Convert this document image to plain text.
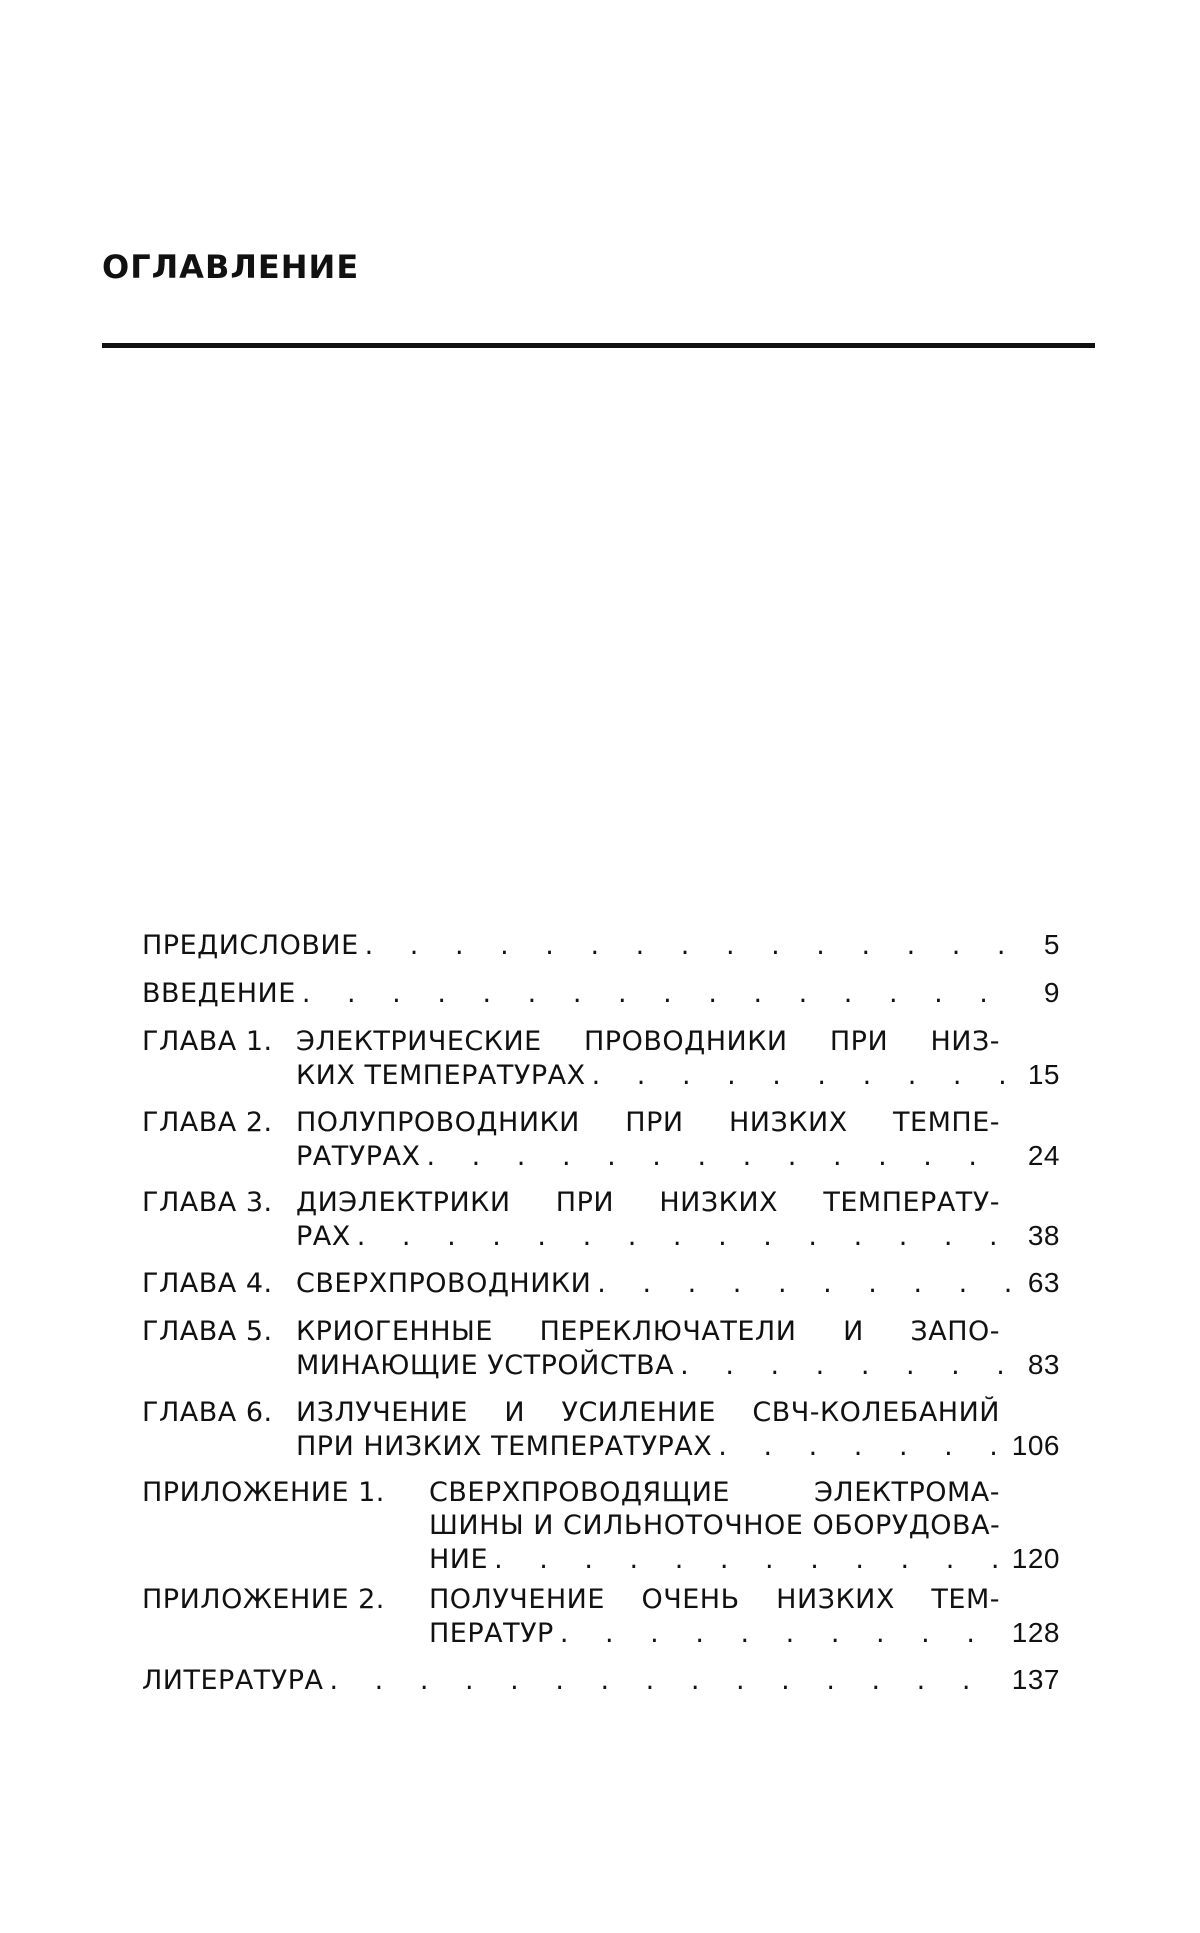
ОГЛАВЛЕНИЕ
ПРЕДИСЛОВИЕ . . .	5
ВВЕДЕНИЕ . . .	9
ГЛАВА 1. ЭЛЕКТРИЧЕСКИЕ ПРОВОДНИКИ ПРИ НИЗ-
КИХ ТЕМПЕРАТУРАХ . . .	15
ГЛАВА 2. ПОЛУПРОВОДНИКИ ПРИ НИЗКИХ ТЕМПЕ-
РАТУРАХ . . .	24
ГЛАВА 3. ДИЭЛЕКТРИКИ ПРИ НИЗКИХ ТЕМПЕРАТУ-
РАХ . . .	38
ГЛАВА 4. СВЕРХПРОВОДНИКИ . . .	63
ГЛАВА 5. КРИОГЕННЫЕ ПЕРЕКЛЮЧАТЕЛИ И ЗАПО-
МИНАЮЩИЕ УСТРОЙСТВА . . .	83
ГЛАВА 6. ИЗЛУЧЕНИЕ И УСИЛЕНИЕ СВЧ-КОЛЕБАНИЙ
ПРИ НИЗКИХ ТЕМПЕРАТУРАХ . . .	106
ПРИЛОЖЕНИЕ 1.	СВЕРХПРОВОДЯЩИЕ ЭЛЕКТРОМА-
ШИНЫ И СИЛЬНОТОЧНОЕ ОБОРУДОВА-
НИЕ . . .	120
ПРИЛОЖЕНИЕ 2.	ПОЛУЧЕНИЕ ОЧЕНЬ НИЗКИХ ТЕМ-
ПЕРАТУР . . .	128
ЛИТЕРАТУРА . . .	137
